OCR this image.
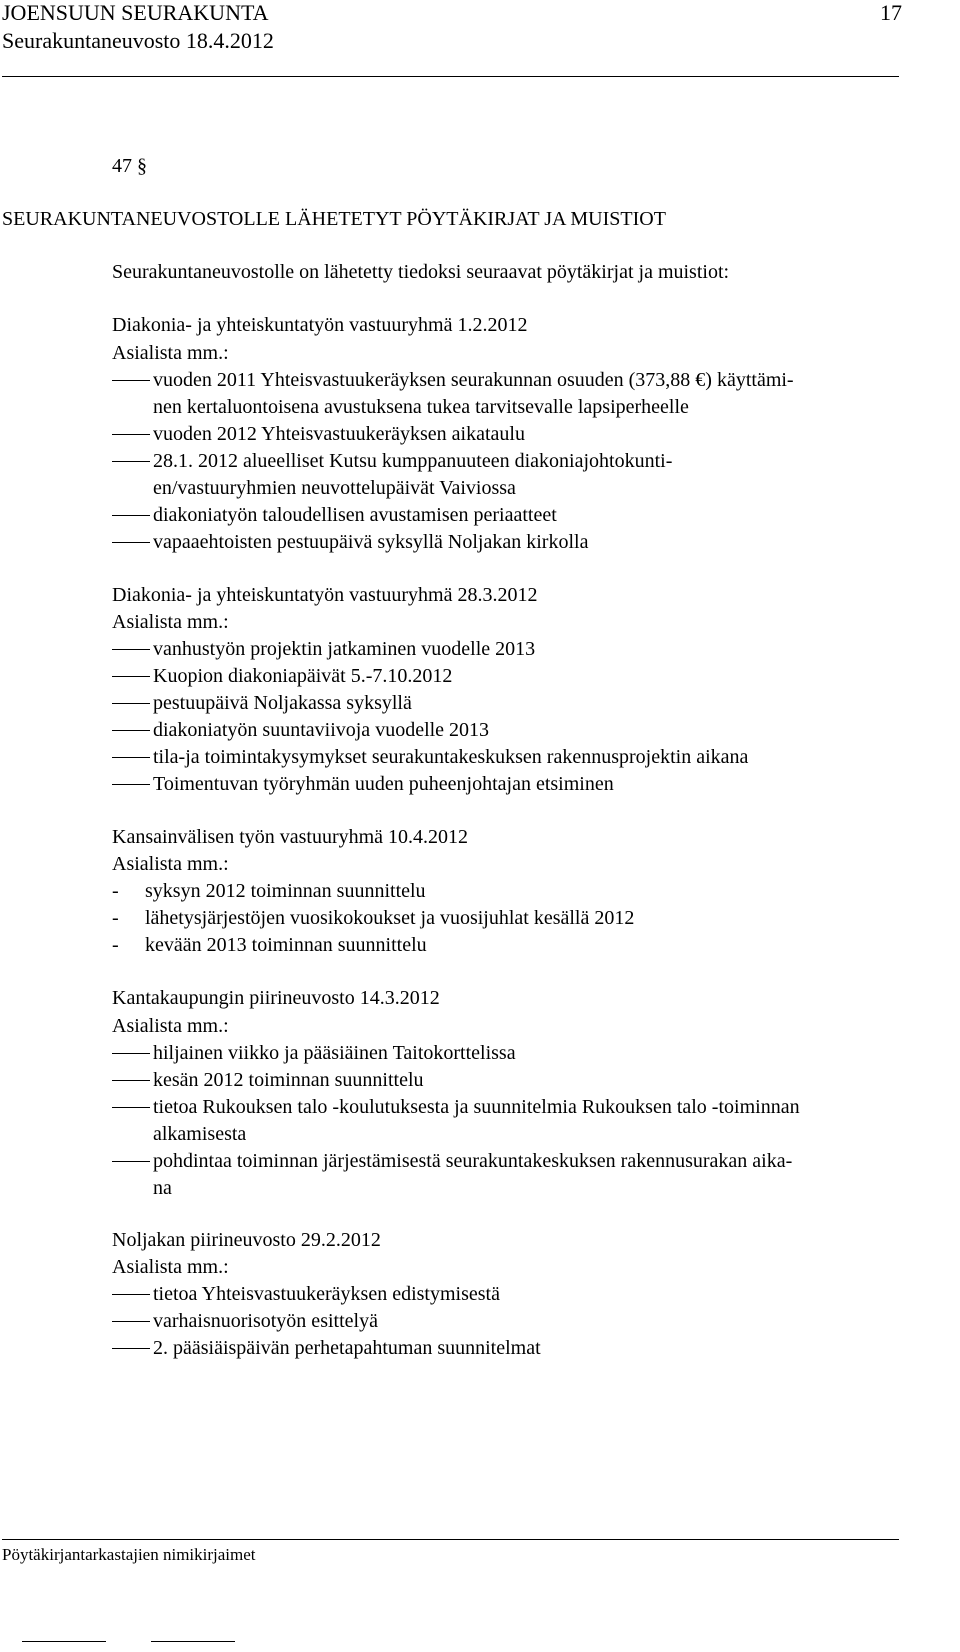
JOENSUUN SEURAKUNTA
Seurakuntaneuvosto 18.4.2012
17
47 §
SEURAKUNTANEUVOSTOLLE LÄHETETYT PÖYTÄKIRJAT JA MUISTIOT
Seurakuntaneuvostolle on lähetetty tiedoksi seuraavat pöytäkirjat ja muistiot:
Diakonia- ja yhteiskuntatyön vastuuryhmä 1.2.2012
Asialista mm.:
vuoden 2011 Yhteisvastuukeräyksen seurakunnan osuuden (373,88 €) käyttämi-
nen kertaluontoisena avustuksena tukea tarvitsevalle lapsiperheelle
vuoden 2012 Yhteisvastuukeräyksen aikataulu
28.1. 2012 alueelliset Kutsu kumppanuuteen diakoniajohtokunti-
en/vastuuryhmien neuvottelupäivät Vaiviossa
diakoniatyön taloudellisen avustamisen periaatteet
vapaaehtoisten pestuupäivä syksyllä Noljakan kirkolla
Diakonia- ja yhteiskuntatyön vastuuryhmä 28.3.2012
Asialista mm.:
vanhustyön projektin jatkaminen vuodelle 2013
Kuopion diakoniapäivät 5.-7.10.2012
pestuupäivä Noljakassa syksyllä
diakoniatyön suuntaviivoja vuodelle 2013
tila-ja toimintakysymykset seurakuntakeskuksen rakennusprojektin aikana
Toimentuvan työryhmän uuden puheenjohtajan etsiminen
Kansainvälisen työn vastuuryhmä 10.4.2012
Asialista mm.:
- syksyn 2012 toiminnan suunnittelu
- lähetysjärjestöjen vuosikokoukset ja vuosijuhlat kesällä 2012
- kevään 2013 toiminnan suunnittelu
Kantakaupungin piirineuvosto 14.3.2012
Asialista mm.:
hiljainen viikko ja pääsiäinen Taitokorttelissa
kesän 2012 toiminnan suunnittelu
tietoa Rukouksen talo -koulutuksesta ja suunnitelmia Rukouksen talo -toiminnan
alkamisesta
pohdintaa toiminnan järjestämisestä seurakuntakeskuksen rakennusurakan aika-
na
Noljakan piirineuvosto 29.2.2012
Asialista mm.:
tietoa Yhteisvastuukeräyksen edistymisestä
varhaisnuorisotyön esittelyä
2. pääsiäispäivän perhetapahtuman suunnitelmat
Pöytäkirjantarkastajien nimikirjaimet
